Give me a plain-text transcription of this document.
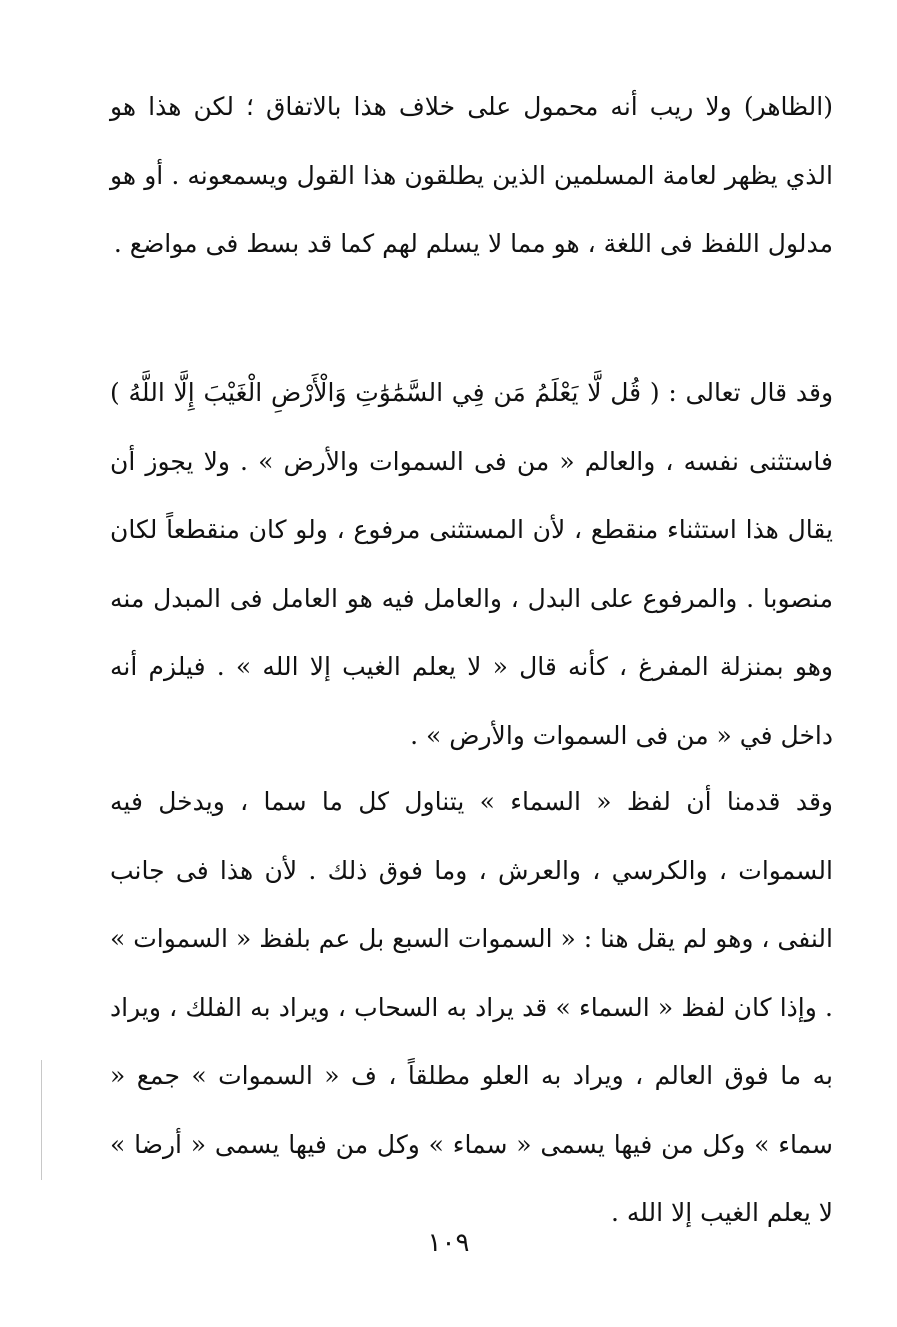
(الظاهر) ولا ريب أنه محمول على خلاف هذا بالاتفاق ؛ لكن هذا هو الذي يظهر لعامة المسلمين الذين يطلقون هذا القول ويسمعونه . أو هو مدلول اللفظ فى اللغة ، هو مما لا يسلم لهم كما قد بسط فى مواضع .

وقد قال تعالى : ( قُل لَّا يَعْلَمُ مَن فِي السَّمَٰوَٰتِ وَالْأَرْضِ الْغَيْبَ إِلَّا اللَّهُ ) فاستثنى نفسه ، والعالم « من فى السموات والأرض » . ولا يجوز أن يقال هذا استثناء منقطع ، لأن المستثنى مرفوع ، ولو كان منقطعاً لكان منصوبا . والمرفوع على البدل ، والعامل فيه هو العامل فى المبدل منه وهو بمنزلة المفرغ ، كأنه قال « لا يعلم الغيب إلا الله » . فيلزم أنه داخل في « من فى السموات والأرض » .

وقد قدمنا أن لفظ « السماء » يتناول كل ما سما ، ويدخل فيه السموات ، والكرسي ، والعرش ، وما فوق ذلك . لأن هذا فى جانب النفى ، وهو لم يقل هنا : « السموات السبع بل عم بلفظ « السموات » . وإذا كان لفظ « السماء » قد يراد به السحاب ، ويراد به الفلك ، ويراد به ما فوق العالم ، ويراد به العلو مطلقاً ، ف « السموات » جمع « سماء » وكل من فيها يسمى « سماء » وكل من فيها يسمى « أرضا » لا يعلم الغيب إلا الله .

١٠٩
